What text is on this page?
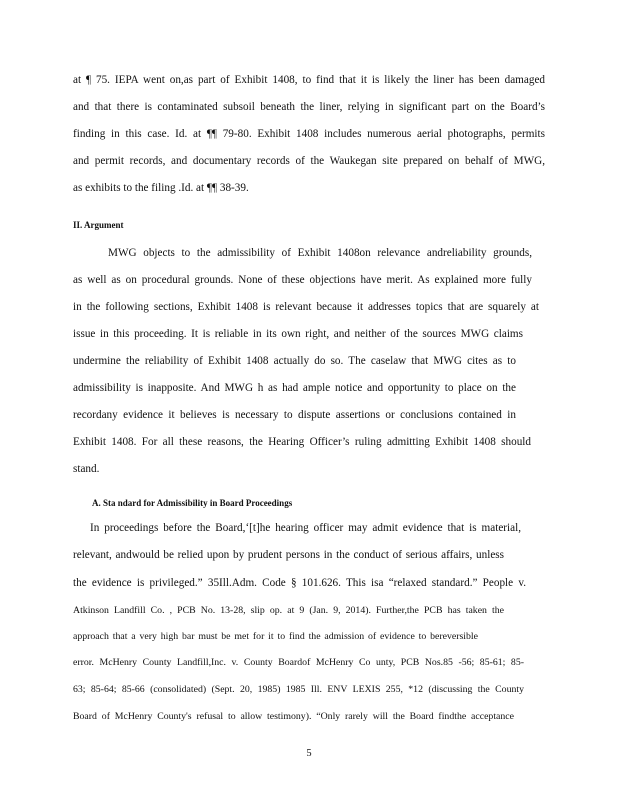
at ¶ 75. IEPA went on,as part of Exhibit 1408, to find that it is likely the liner has been damaged
and that there is contaminated subsoil beneath the liner, relying in significant part on the Board’s
finding in this case. Id. at ¶¶ 79-80. Exhibit 1408 includes numerous aerial photographs, permits
and permit records, and documentary records of the Waukegan site prepared on behalf of MWG,
as exhibits to the filing .Id. at ¶¶ 38-39.
II. Argument
MWG objects to the admissibility of Exhibit 1408on relevance andreliability grounds,
as well as on procedural grounds. None of these objections have merit. As explained more fully
in the following sections, Exhibit 1408 is relevant because it addresses topics that are squarely at
issue in this proceeding. It is reliable in its own right, and neither of the sources MWG claims
undermine the reliability of Exhibit 1408 actually do so. The caselaw that MWG cites as to
admissibility is inapposite. And MWG h as had ample notice and opportunity to place on the
recordany evidence it believes is necessary to dispute assertions or conclusions contained in
Exhibit 1408. For all these reasons, the Hearing Officer’s ruling admitting Exhibit 1408 should
stand.
A. Sta ndard for Admissibility in Board Proceedings
In proceedings before the Board,‘[t]he hearing officer may admit evidence that is material,
relevant, andwould be relied upon by prudent persons in the conduct of serious affairs, unless
the evidence is privileged.” 35Ill.Adm. Code § 101.626. This isa “relaxed standard.” People v.
Atkinson Landfill Co. , PCB No. 13-28, slip op. at 9 (Jan. 9, 2014). Further,the PCB has taken the
approach that a very high bar must be met for it to find the admission of evidence to bereversible
error. McHenry County Landfill,Inc. v. County Boardof McHenry Co unty, PCB Nos.85 -56; 85-61; 85-
63; 85-64; 85-66 (consolidated) (Sept. 20, 1985) 1985 Ill. ENV LEXIS 255, *12 (discussing the County
Board of McHenry County's refusal to allow testimony). “Only rarely will the Board findthe acceptance
5
